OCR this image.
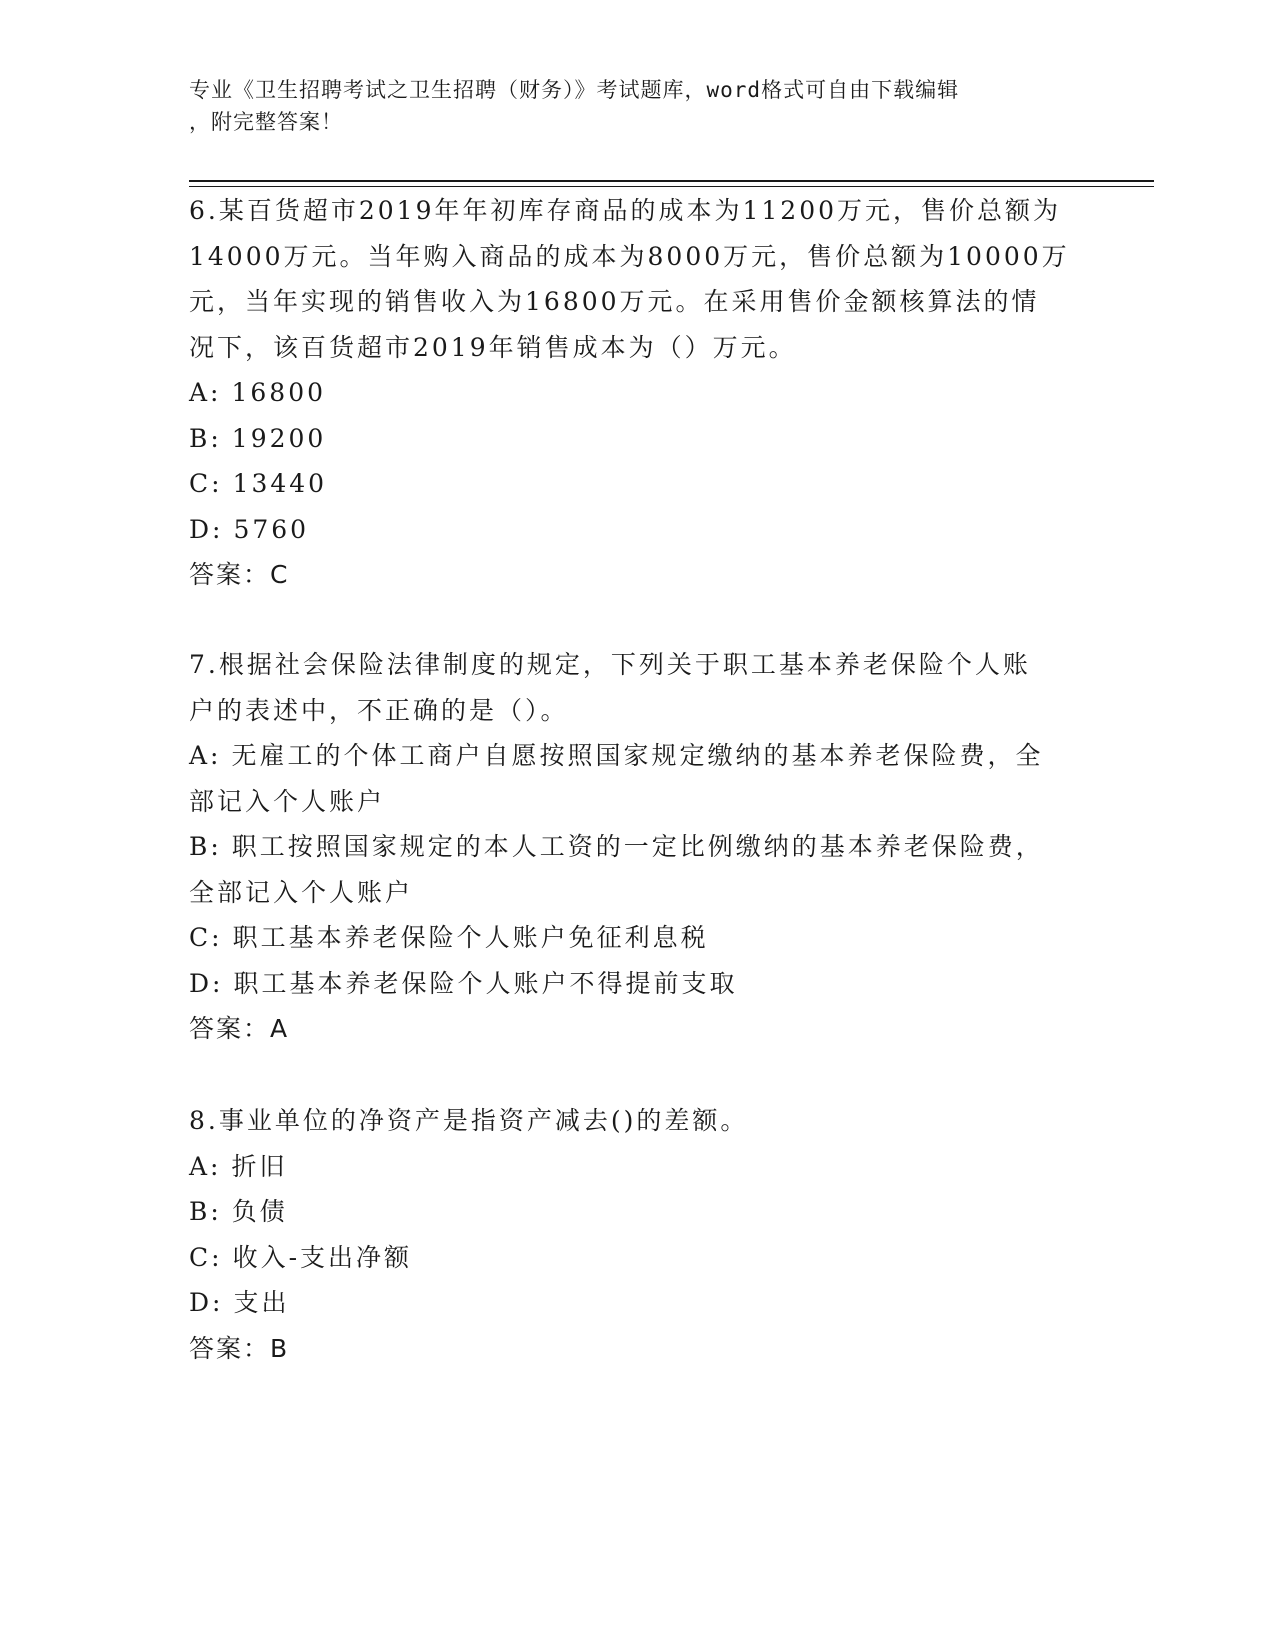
专业《卫生招聘考试之卫生招聘（财务）》考试题库，word格式可自由下载编辑
，附完整答案！

6.某百货超市2019年年初库存商品的成本为11200万元，售价总额为
14000万元。当年购入商品的成本为8000万元，售价总额为10000万
元，当年实现的销售收入为16800万元。在采用售价金额核算法的情
况下，该百货超市2019年销售成本为（）万元。

A: 16800

B: 19200

C: 13440

D: 5760

答案：C

7.根据社会保险法律制度的规定，下列关于职工基本养老保险个人账
户的表述中，不正确的是（）。

A: 无雇工的个体工商户自愿按照国家规定缴纳的基本养老保险费，全
部记入个人账户

B: 职工按照国家规定的本人工资的一定比例缴纳的基本养老保险费，
全部记入个人账户

C: 职工基本养老保险个人账户免征利息税

D: 职工基本养老保险个人账户不得提前支取

答案：A

8.事业单位的净资产是指资产减去()的差额。

A: 折旧

B: 负债

C: 收入-支出净额

D: 支出

答案：B
